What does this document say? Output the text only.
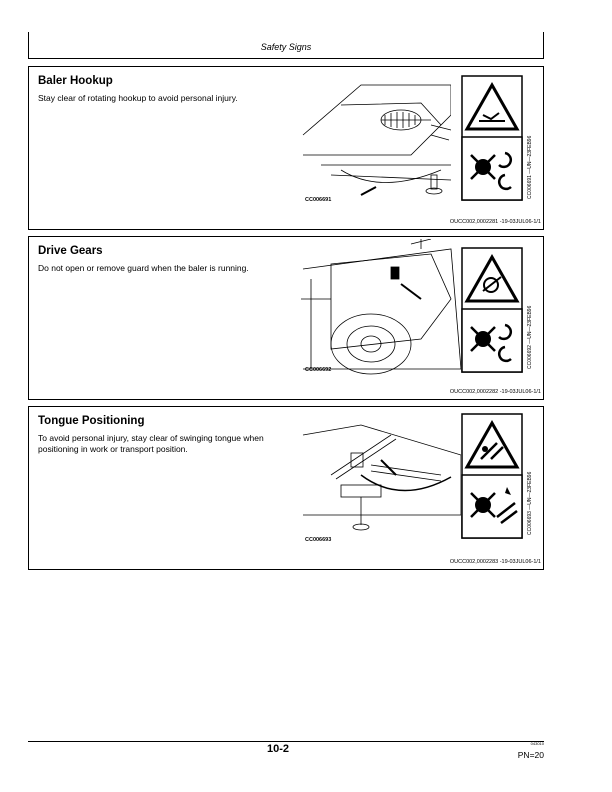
Safety Signs
Baler Hookup

Stay clear of rotating hookup to avoid personal injury.

CC006691
CC006691 —UN—23FEB96
OUCC002,0002281 -19-03JUL06-1/1
Drive Gears

Do not open or remove guard when the baler is running.

CC006692
CC006692 —UN—23FEB96
OUCC002,0002282 -19-03JUL06-1/1
Tongue Positioning

To avoid personal injury, stay clear of swinging tongue when positioning in work or transport position.

CC006693
CC006693 —UN—23FEB96
OUCC002,0002283 -19-03JUL06-1/1
10-2	043010
PN=20
